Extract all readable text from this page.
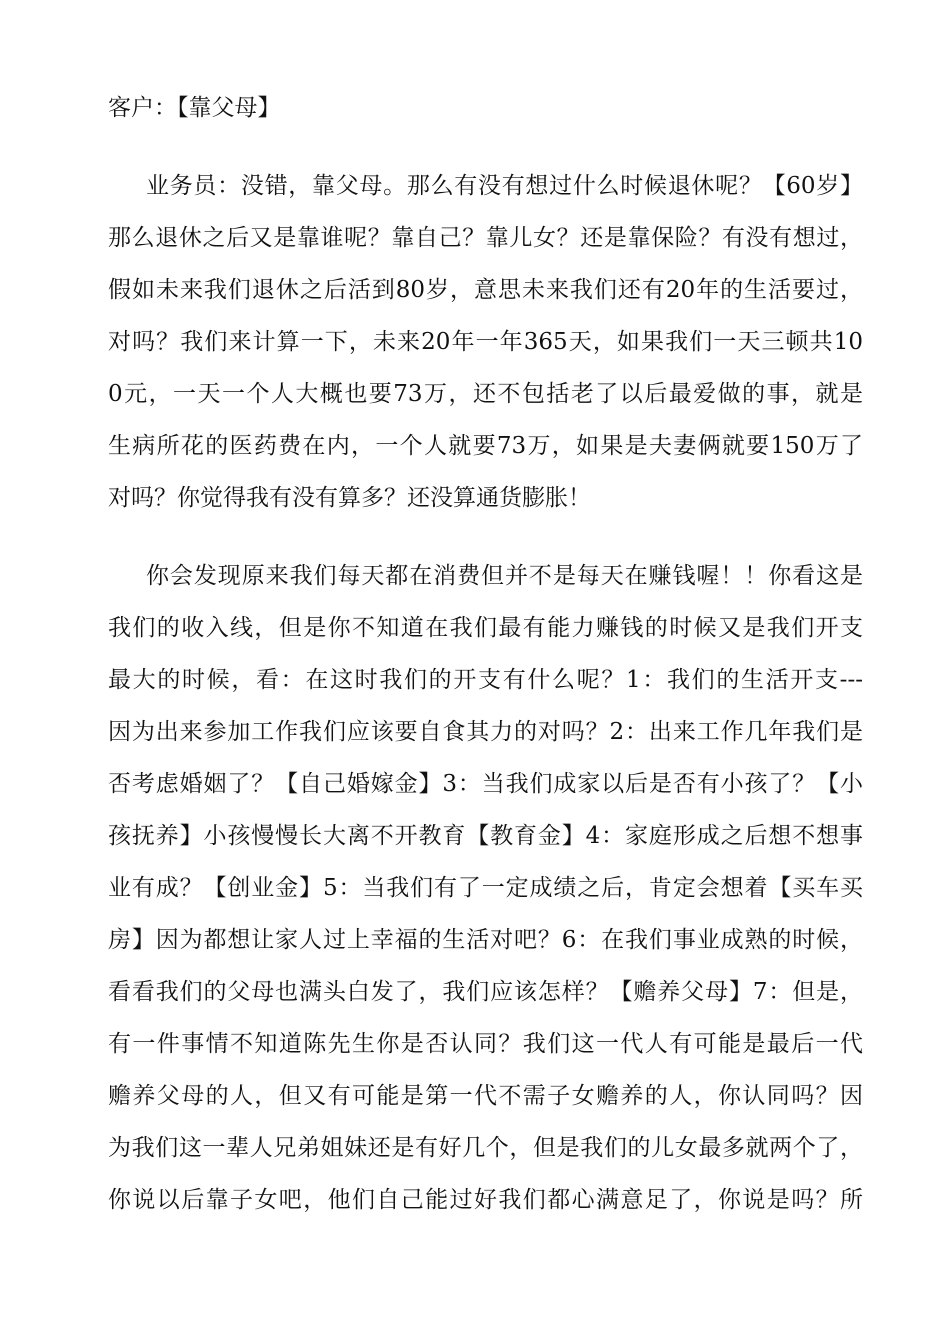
客户：【靠父母】
业务员：没错，靠父母。那么有没有想过什么时候退休呢？【60岁】
那么退休之后又是靠谁呢？靠自己？靠儿女？还是靠保险？有没有想过，
假如未来我们退休之后活到80岁，意思未来我们还有20年的生活要过，
对吗？我们来计算一下，未来20年一年365天，如果我们一天三顿共10
0元，一天一个人大概也要73万，还不包括老了以后最爱做的事，就是
生病所花的医药费在内，一个人就要73万，如果是夫妻俩就要150万了
对吗？你觉得我有没有算多？还没算通货膨胀！
你会发现原来我们每天都在消费但并不是每天在赚钱喔！！你看这是
我们的收入线，但是你不知道在我们最有能力赚钱的时候又是我们开支
最大的时候，看：在这时我们的开支有什么呢？1：我们的生活开支---
因为出来参加工作我们应该要自食其力的对吗？2：出来工作几年我们是
否考虑婚姻了？【自己婚嫁金】3：当我们成家以后是否有小孩了？【小
孩抚养】小孩慢慢长大离不开教育【教育金】4：家庭形成之后想不想事
业有成？【创业金】5：当我们有了一定成绩之后，肯定会想着【买车买
房】因为都想让家人过上幸福的生活对吧？6：在我们事业成熟的时候，
看看我们的父母也满头白发了，我们应该怎样？【赡养父母】7：但是，
有一件事情不知道陈先生你是否认同？我们这一代人有可能是最后一代
赡养父母的人，但又有可能是第一代不需子女赡养的人，你认同吗？因
为我们这一辈人兄弟姐妹还是有好几个，但是我们的儿女最多就两个了，
你说以后靠子女吧，他们自己能过好我们都心满意足了，你说是吗？所
